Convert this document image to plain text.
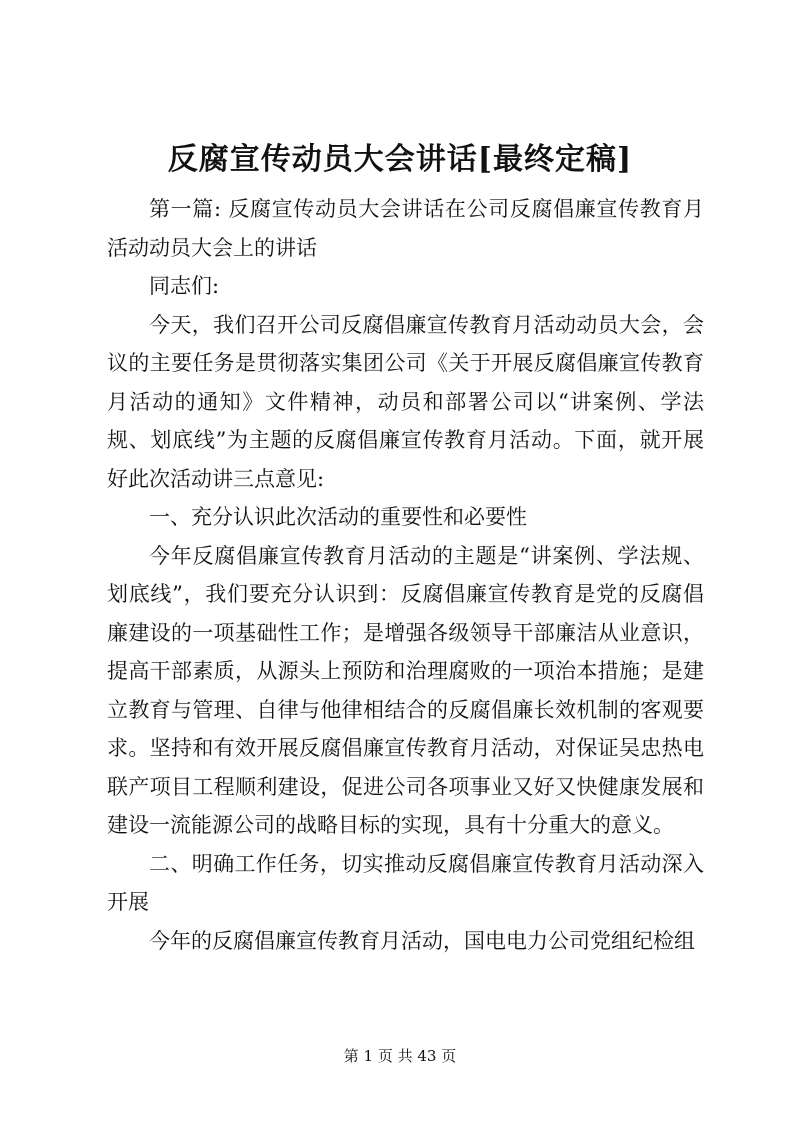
反腐宣传动员大会讲话[最终定稿]

第一篇: 反腐宣传动员大会讲话在公司反腐倡廉宣传教育月活动动员大会上的讲话

同志们:

今天，我们召开公司反腐倡廉宣传教育月活动动员大会，会议的主要任务是贯彻落实集团公司《关于开展反腐倡廉宣传教育月活动的通知》文件精神，动员和部署公司以“讲案例、学法规、划底线”为主题的反腐倡廉宣传教育月活动。下面，就开展好此次活动讲三点意见:

一、充分认识此次活动的重要性和必要性

今年反腐倡廉宣传教育月活动的主题是“讲案例、学法规、划底线”，我们要充分认识到：反腐倡廉宣传教育是党的反腐倡廉建设的一项基础性工作；是增强各级领导干部廉洁从业意识，提高干部素质，从源头上预防和治理腐败的一项治本措施；是建立教育与管理、自律与他律相结合的反腐倡廉长效机制的客观要求。坚持和有效开展反腐倡廉宣传教育月活动，对保证吴忠热电联产项目工程顺利建设，促进公司各项事业又好又快健康发展和建设一流能源公司的战略目标的实现，具有十分重大的意义。

二、明确工作任务，切实推动反腐倡廉宣传教育月活动深入开展

今年的反腐倡廉宣传教育月活动，国电电力公司党组纪检组

第 1 页 共 43 页
